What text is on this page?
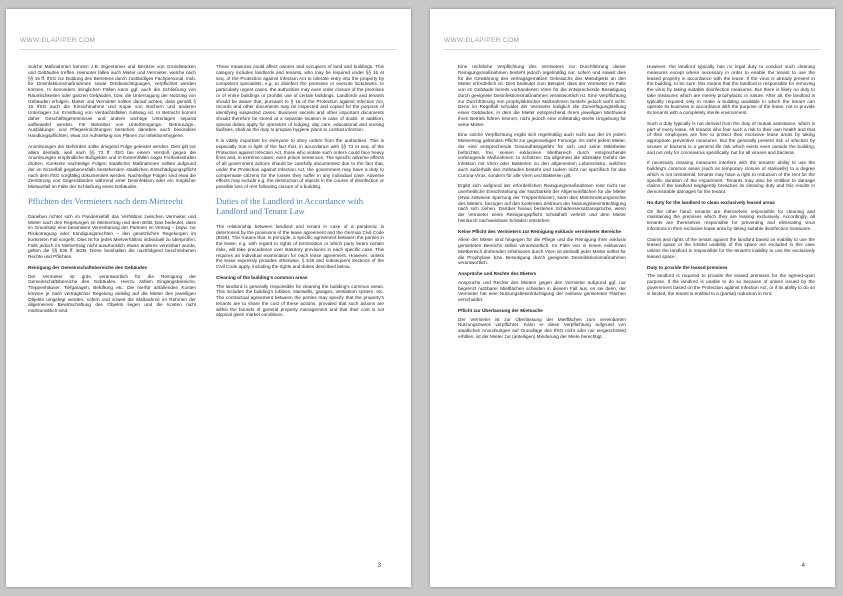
WWW.DLAPIPER.COM

Solche Maßnahmen können z.B. Eigentümer und Besitzer von Grundstücken und Gebäuden treffen. Hierunter fallen auch Mieter und Vermieter, welche nach §§ 16 ff. IfSG zur Duldung des Betretens durch zuständiges Fachpersonal, insb. für Desinfektionsmaßnahmen sowie Ortsbesichtigungen, verpflichtet werden können. In besonders dringlichen Fällen kann ggf. auch die Schließung von Räumlichkeiten oder ganzen Gebäuden, bzw. die Untersagung der Nutzung von Gebäuden erfolgen. Mieter und Vermieter sollten darauf achten, dass gemäß § 16 IfSG auch die Einsichtnahme und Kopie von Büchern und anderen Unterlagen zur Ermittlung von Verdachtsfällen zulässig ist. In Betracht kommt daher Geschäftsgeheimnisse und andere wichtige Unterlagen separat aufbewahrt werden. Für Betreiber von Unterbringungs-, Betreuungs-, Ausbildungs- und Pflegeeinrichtungen bestehen daneben auch besondere Handlungspflichten, etwa zur Aufstellung von Plänen zur Infektionshygiene.

Anordnungen der Behörden sollte dringend Folge geleistet werden. Dies gilt vor allem deshalb, weil nach §§ 73 ff. IfSG bei einem Verstoß gegen die Anordnungen empfindliche Bußgelder und in Extremfällen sogar Freiheitsstrafen drohen. Konkrete nachteilige Folgen staatlicher Maßnahmen sollten aufgrund der im Einzelfall gegebenenfalls bestehenden staatlichen Entschädigungspflicht nach dem IfSG sorgfältig dokumentiert werden. Nachteilige Folgen sind etwa die Zerstörung von Gegenständen während einer Desinfektion oder ein möglicher Mietausfall im Falle der Schließung eines Gebäudes.

Pflichten des Vermieters nach dem Mietrecht

Daneben richtet sich im Pandemiefall das Verhältnis zwischen Vermieter und Mieter nach den Regelungen im Mietvertrag und dem BGB. Das bedeutet, dass im Grundsatz eine besondere Vereinbarung der Parteien im Vertrag – bspw. zur Risikotragung oder Kündigungsrechten – den gesetzlichen Regelungen im konkreten Fall vorgeht. Dies ist für jedes Mietverhältnis individuell zu überprüfen. Falls jedoch im Mietvertrag nicht ausdrücklich etwas anderes vereinbart wurde, gelten die §§ 535 ff. BGB. Diese beinhalten die nachfolgend beschriebenen Rechte und Pflichten.

Reinigung der Gemeinschaftsbereiche des Gebäudes

Der Vermieter ist grds. verantwortlich für die Reinigung der Gemeinschaftsbereiche des Gebäudes. Hierzu zählen Eingangsbereiche, Treppenhäuser, Tiefgaragen, Belüftung etc. Die hierfür anfallenden Kosten können je nach vertraglicher Regelung anteilig auf die Mieter des jeweiligen Objekts umgelegt werden, sofern und soweit die Maßnahme im Rahmen der allgemeinen Bewirtschaftung des Objekts liegen und die Kosten nicht marktunüblich sind.

These measures could affect owners and occupiers of land and buildings. This category includes landlords and tenants, who may be required under §§ 16 et seq. of the Protection against Infection Act to tolerate entry into the property by competent specialists, e.g. to disinfect the premises or execute lockdowns. In particularly urgent cases, the authorities may even order closure of the premises or of entire buildings or prohibit use of certain buildings. Landlords and tenants should be aware that, pursuant to § 16 of the Protection against Infection Act, records and other documents may be inspected and copied for the purpose of identifying suspected cases. Business secrets and other important documents should therefore be stored at a separate location in case of doubt. In addition, special duties apply for operators of lodging, day care, educational and nursing facilities, shall as the duty to prepare hygiene plans to combat infection.

It is vitally important for everyone to obey orders from the authorities. This is especially true in light of the fact that, in accordance with §§ 73 et seq. of the Protection against Infection Act, those who violate such orders could face heavy fines and, in extreme cases, even prison sentences. The specific adverse effects of all government actions should be carefully documented due to the fact that, under the Protection against Infection Act, the government may have a duty to compensate citizens for the losses they suffer in any individual case. Adverse effects may include e.g. the destruction of objects in the course of disinfection or possible loss of rent following closure of a building.

Duties of the Landlord in Accordance with Landlord and Tenant Law

The relationship between landlord and tenant in case of a pandemic is determined by the provisions of the lease agreement and the German Civil Code (BGB). This means that, in principle, a specific agreement between the parties in the lease, e.g. with regard to rights of termination or which party bears certain risks, will take precedence over statutory provisions in each specific case. This requires an individual examination for each lease agreement. However, unless the lease expressly provides otherwise, § 535 and subsequent Sections of the Civil Code apply, including the rights and duties described below.

Cleaning of the building's common areas

The landlord is generally responsible for cleaning the building's common areas. This includes the building's lobbies, stairwells, garages, ventilation system, etc. The contractual agreement between the parties may specify that the property's tenants are to share the cost of these actions, provided that such actions are within the bounds of general property management and that their cost is not atypical given market conditions.

3
WWW.DLAPIPER.COM

Eine rechtliche Verpflichtung des Vermieters zur Durchführung dieser Reinigungsmaßnahmen besteht jedoch regelmäßig nur, sofern und soweit dies für die Gewährung des vertragsgemäßen Gebrauchs des Mietobjekts an den Mieter erforderlich ist. Dies bedeutet zum Beispiel, dass der Vermieter im Falle von im Gebäude bereits vorhandenen Viren für die entsprechende Beseitigung durch geeignete Desinfektionsmaßnahmen verantwortlich ist. Eine Verpflichtung zur Durchführung rein prophylaktischer Maßnahmen besteht jedoch wohl nicht. Denn im Regelfall schuldet der Vermieter lediglich die Zurverfügungstellung eines Gebäudes, in dem die Mieter entsprechend ihrem jeweiligen Mietzweck ihren Betrieb führen können, nicht jedoch eine vollständig sterile Umgebung für seine Mieter.

Eine solche Verpflichtung ergibt sich regelmäßig auch nicht aus der im jedem Mietvertrag geltenden Pflicht zur gegenseitigen Fürsorge. Es steht jedem Mieter, der eine entsprechende Gesundheitsgefahr für sich und seine Mitarbeiter befürchtet, frei, seinen exklusiven Mietbereich durch entsprechende vorbeugende Maßnahmen zu schützen. Da allgemein die abstrakte Gefahr der Infektion mit Viren oder Bakterien zu den allgemeinen Lebensrisiko, welches auch außerhalb des Gebäudes besteht und zudem nicht nur spezifisch für das Corona-Virus, sondern für alle Viren und Bakterien gilt.

Ergibt sich aufgrund der erforderlichen Reinigungsmaßnahmen eine nicht nur unerhebliche Einschränkung der Nutzbarkeit der Allgemeinflächen für die Mieter (etwa zeitweise Sperrung der Treppenhäuser), kann dies Mietminderungsrechte des Mieters, bezogen auf den konkreten Zeitraum der Nutzungsbeeinträchtigung nach sich ziehen. Darüber hinaus bestehen Schadensersatzansprüche, wenn der Vermieter seine Reinigungspflicht schuldhaft verletzt und dem Mieter hierdurch nachweisbare Schäden entstehen.

Keine Pflicht des Vermieters zur Reinigung exklusiv vermieteter Bereiche

Allein der Mieter sind hingegen für die Pflege und die Reinigung ihrer exklusiv gemieteten Bereichs selbst verantwortlich. Im Falle von in einem exklusiven Mietbereich drohenden Infektionen durch Viren ist deshalb jeder Mieter selbst für die Prophylaxe bzw. Beseitigung durch geeignete Desinfektionsmaßnahmen verantwortlich.

Ansprüche und Rechte des Mieters

Ansprüche und Rechte des Mieters gegen den Vermieter aufgrund ggf. nur begrenzt nutzbarer Mietflächen scheiden in diesem Fall aus, es sei denn, der Vermieter hat eine Nutzungsbeeinträchtigung der exklusiv gemieteten Flächen verschuldet.

Pflicht zur Überlassung der Mietsache

Der Vermieter ist zur Überlassung der Mietflächen zum vereinbarten Nutzungszweck verpflichtet. Kann er diese Verpflichtung aufgrund von staatlichen Anordnungen auf Grundlage des IfSG nicht oder nur eingeschränkt erfüllen, ist der Mieter zur (anteiligen) Minderung der Miete berechtigt.

However, the landlord typically has no legal duty to conduct such cleaning measures except where necessary in order to enable the tenant to use the leased property in accordance with the lease. If the virus is already present in the building, to be sure, this means that the landlord is responsible for removing the virus by taking suitable disinfection measures. But there is likely no duty to take measures which are merely prophylactic in nature. After all, the landlord is typically required only to make a building available in which the tenant can operate its business in accordance with the purpose of the lease, not to provide its tenants with a completely sterile environment.

Such a duty typically is not derived from the duty of mutual assistance, which is part of every lease. All tenants who fear such a risk to their own health and that of their employees are free to protect their exclusive lease areas by taking appropriate preventive measures. But the generally present risk of infection by viruses or bacteria is a general life risk which exists even outside the building, and not only for coronavirus specifically, but for all viruses and bacteria.

If necessary cleaning measures interfere with the tenants' ability to use the building's common areas (such as temporary closure of stairwells) to a degree which is not immaterial, tenants may have a right to reduction of the rent for the specific duration of the impairment. Tenants may also be entitled to damage claims if the landlord negligently breaches its cleaning duty and this results in demonstrable damages for the tenant.

No duty for the landlord to clean exclusively leased areas

On the other hand, tenants are themselves responsible for cleaning and maintaining the premises which they are leasing exclusively. Accordingly, all tenants are themselves responsible for preventing and eliminating virus infections in their exclusive lease area by taking suitable disinfection measures.

Claims and rights of the tenant against the landlord based on inability to use the leased space or the limited usability of this space are excluded in this case unless the landlord is responsible for the tenant's inability to use the exclusively leased space.

Duty to provide the leased premises

The landlord is required to provide the leased premises for the agreed-upon purpose. If the landlord is unable to do so because of orders issued by the government based on the Protection against Infection Act, or if its ability to do so is limited, the tenant is entitled to a (partial) reduction in rent.

4
